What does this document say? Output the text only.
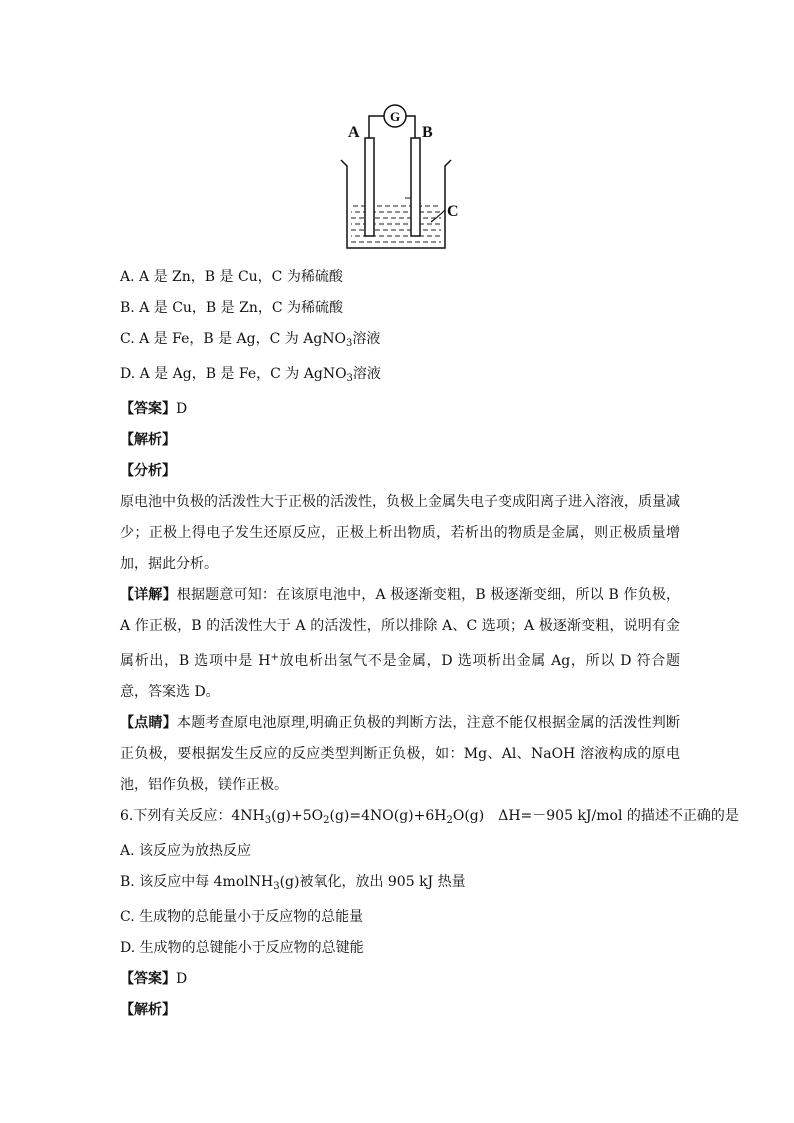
G
A	B
C
A. A 是 Zn，B 是 Cu，C 为稀硫酸
B. A 是 Cu，B 是 Zn，C 为稀硫酸
C. A 是 Fe，B 是 Ag，C 为 AgNO$_3$溶液
D. A 是 Ag，B 是 Fe，C 为 AgNO$_3$溶液
【答案】D
【解析】
【分析】

原电池中负极的活泼性大于正极的活泼性，负极上金属失电子变成阳离子进入溶液，质量减少；正极上得电子发生还原反应，正极上析出物质，若析出的物质是金属，则正极质量增加，据此分析。

【详解】根据题意可知：在该原电池中，A 极逐渐变粗，B 极逐渐变细，所以 B 作负极，A 作正极，B 的活泼性大于 A 的活泼性，所以排除 A、C 选项；A 极逐渐变粗，说明有金属析出，B 选项中是 H+放电析出氢气不是金属，D 选项析出金属 Ag，所以 D 符合题意，答案选 D。

【点睛】本题考查原电池原理,明确正负极的判断方法，注意不能仅根据金属的活泼性判断正负极，要根据发生反应的反应类型判断正负极，如：Mg、Al、NaOH 溶液构成的原电池，铝作负极，镁作正极。

6.下列有关反应：$4NH_3(g)+5O_2(g)=4NO(g)+6H_2O(g)$　ΔH=－905 kJ/mol 的描述不正确的是
A. 该反应为放热反应
B. 该反应中每 4molNH$_3$(g)被氧化，放出 905 kJ 热量
C. 生成物的总能量小于反应物的总能量
D. 生成物的总键能小于反应物的总键能
【答案】D
【解析】
